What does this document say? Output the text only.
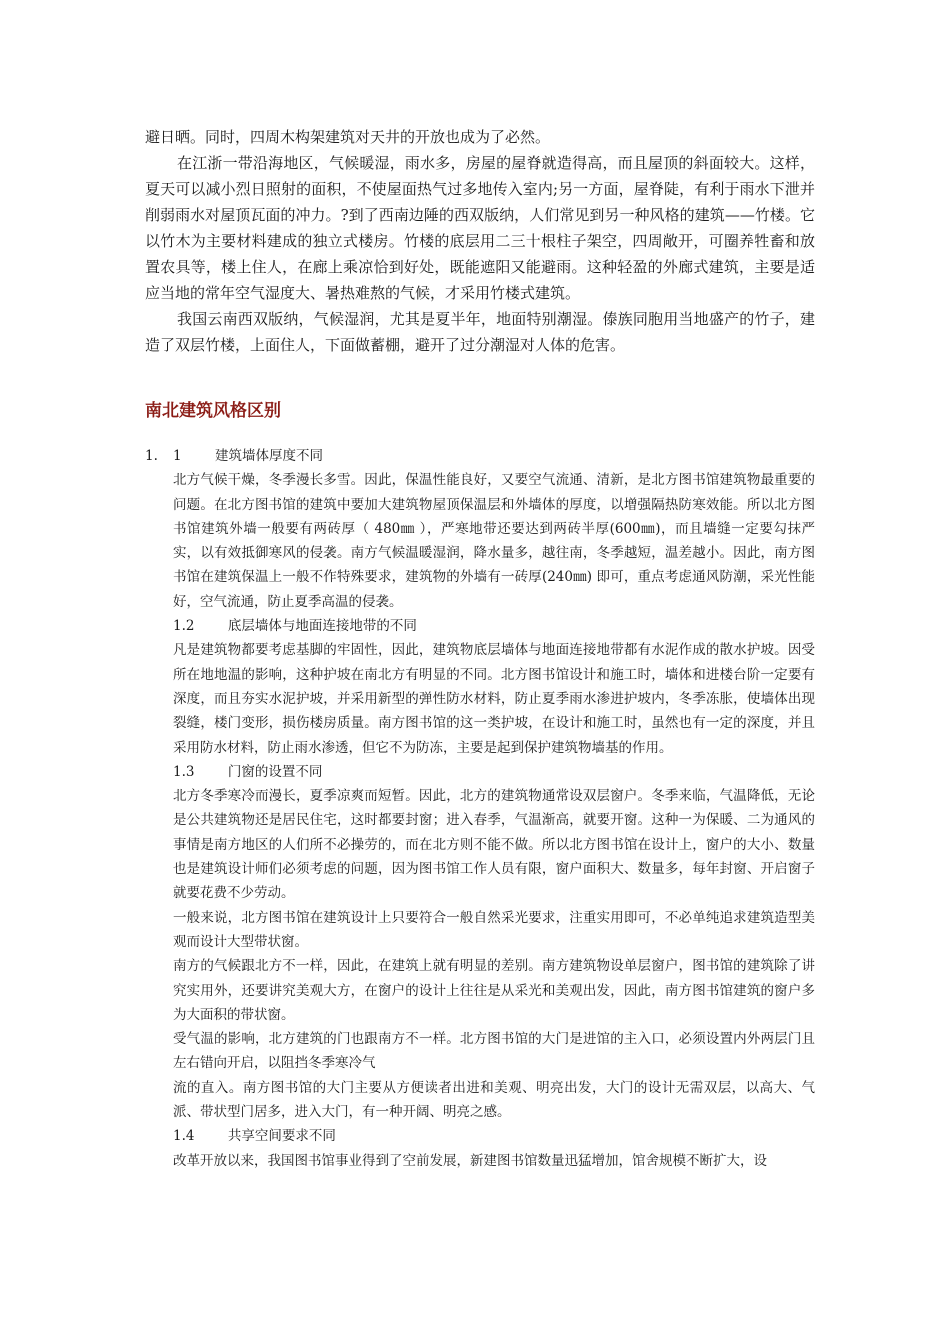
避日晒。同时，四周木构架建筑对天井的开放也成为了必然。

在江浙一带沿海地区，气候暖湿，雨水多，房屋的屋脊就造得高，而且屋顶的斜面较大。这样，夏天可以减小烈日照射的面积，不使屋面热气过多地传入室内;另一方面，屋脊陡，有利于雨水下泄并削弱雨水对屋顶瓦面的冲力。?到了西南边陲的西双版纳，人们常见到另一种风格的建筑——竹楼。它以竹木为主要材料建成的独立式楼房。竹楼的底层用二三十根柱子架空，四周敞开，可圈养牲畜和放置农具等，楼上住人，在廊上乘凉恰到好处，既能遮阳又能避雨。这种轻盈的外廊式建筑，主要是适应当地的常年空气湿度大、暑热难熬的气候，才采用竹楼式建筑。

我国云南西双版纳，气候湿润，尤其是夏半年，地面特别潮湿。傣族同胞用当地盛产的竹子，建造了双层竹楼，上面住人，下面做蓄棚，避开了过分潮湿对人体的危害。

南北建筑风格区别

1. 1 建筑墙体厚度不同

北方气候干燥，冬季漫长多雪。因此，保温性能良好，又要空气流通、清新，是北方图书馆建筑物最重要的问题。在北方图书馆的建筑中要加大建筑物屋顶保温层和外墙体的厚度，以增强隔热防寒效能。所以北方图书馆建筑外墙一般要有两砖厚（ 480㎜ ），严寒地带还要达到两砖半厚(600㎜)，而且墙缝一定要勾抹严实，以有效抵御寒风的侵袭。南方气候温暖湿润，降水量多，越往南，冬季越短，温差越小。因此，南方图书馆在建筑保温上一般不作特殊要求，建筑物的外墙有一砖厚(240㎜) 即可，重点考虑通风防潮，采光性能好，空气流通，防止夏季高温的侵袭。

1.2 底层墙体与地面连接地带的不同

凡是建筑物都要考虑基脚的牢固性，因此，建筑物底层墙体与地面连接地带都有水泥作成的散水护坡。因受所在地地温的影响，这种护坡在南北方有明显的不同。北方图书馆设计和施工时，墙体和进楼台阶一定要有深度，而且夯实水泥护坡，并采用新型的弹性防水材料，防止夏季雨水渗进护坡内，冬季冻胀，使墙体出现裂缝，楼门变形，损伤楼房质量。南方图书馆的这一类护坡，在设计和施工时，虽然也有一定的深度，并且采用防水材料，防止雨水渗透，但它不为防冻，主要是起到保护建筑物墙基的作用。

1.3 门窗的设置不同

北方冬季寒冷而漫长，夏季凉爽而短暂。因此，北方的建筑物通常设双层窗户。冬季来临，气温降低，无论是公共建筑物还是居民住宅，这时都要封窗；进入春季，气温渐高，就要开窗。这种一为保暖、二为通风的事情是南方地区的人们所不必操劳的，而在北方则不能不做。所以北方图书馆在设计上，窗户的大小、数量也是建筑设计师们必须考虑的问题，因为图书馆工作人员有限，窗户面积大、数量多，每年封窗、开启窗子就要花费不少劳动。

一般来说，北方图书馆在建筑设计上只要符合一般自然采光要求，注重实用即可，不必单纯追求建筑造型美观而设计大型带状窗。

南方的气候跟北方不一样，因此，在建筑上就有明显的差别。南方建筑物设单层窗户，图书馆的建筑除了讲究实用外，还要讲究美观大方，在窗户的设计上往往是从采光和美观出发，因此，南方图书馆建筑的窗户多为大面积的带状窗。

受气温的影响，北方建筑的门也跟南方不一样。北方图书馆的大门是进馆的主入口，必须设置内外两层门且左右错向开启，以阻挡冬季寒冷气

流的直入。南方图书馆的大门主要从方便读者出进和美观、明亮出发，大门的设计无需双层，以高大、气派、带状型门居多，进入大门，有一种开阔、明亮之感。

1.4 共享空间要求不同

改革开放以来，我国图书馆事业得到了空前发展，新建图书馆数量迅猛增加，馆舍规模不断扩大，设
